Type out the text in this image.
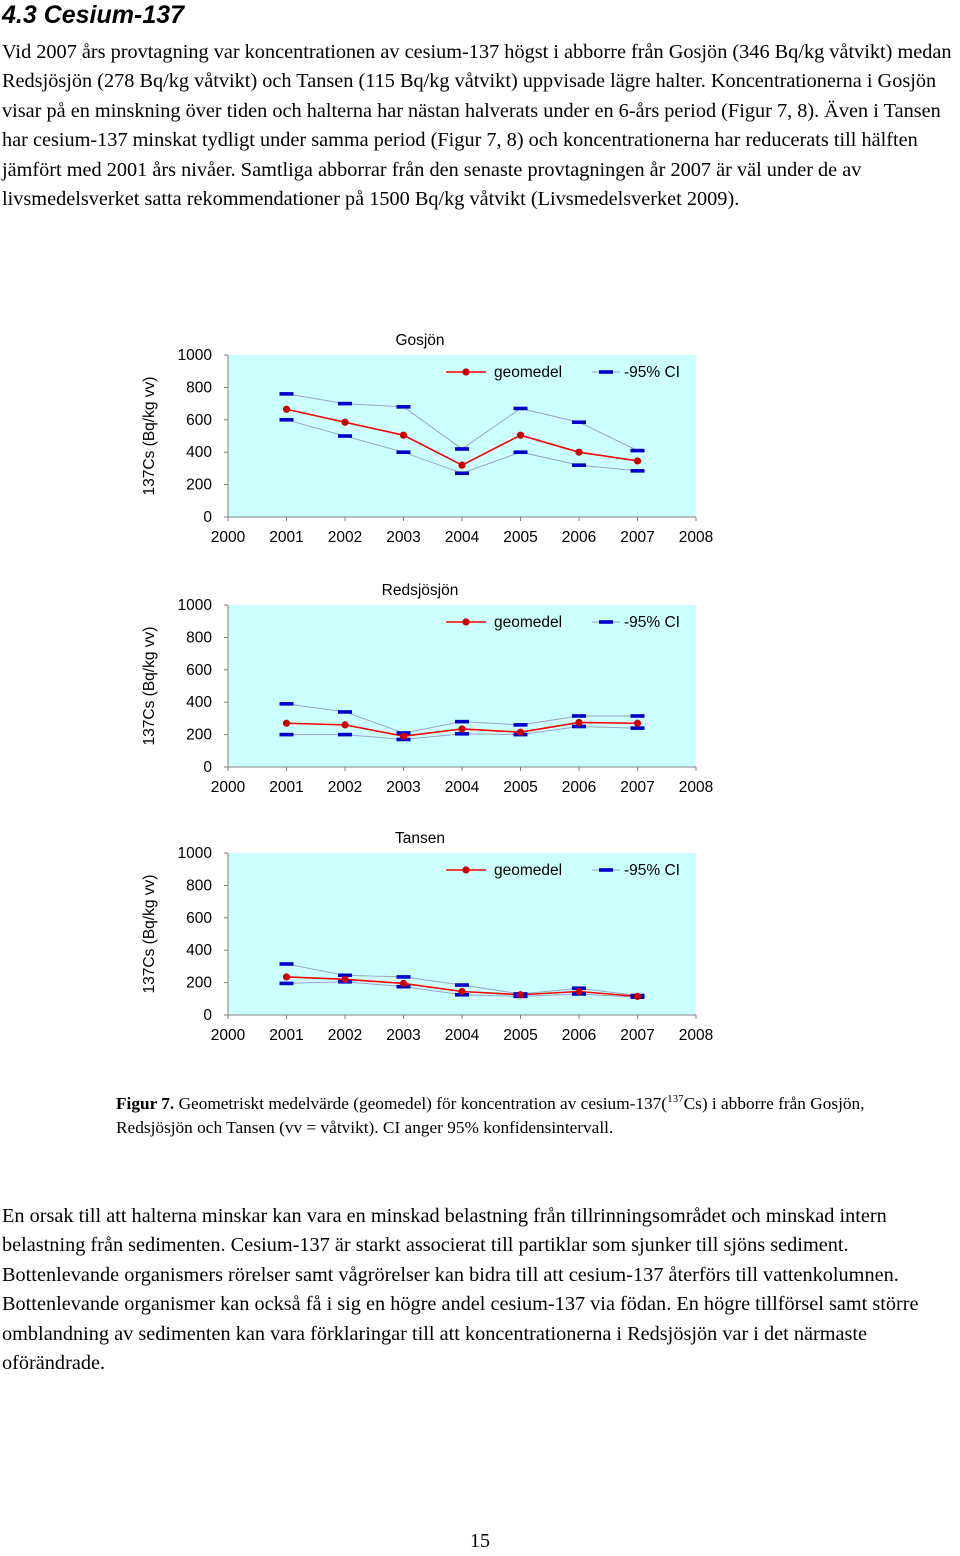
4.3 Cesium-137

Vid 2007 års provtagning var koncentrationen av cesium-137 högst i abborre från Gosjön (346 Bq/kg våtvikt) medan Redsjösjön (278 Bq/kg våtvikt) och Tansen (115 Bq/kg våtvikt) uppvisade lägre halter. Koncentrationerna i Gosjön visar på en minskning över tiden och halterna har nästan halverats under en 6-års period (Figur 7, 8). Även i Tansen har cesium-137 minskat tydligt under samma period (Figur 7, 8) och koncentrationerna har reducerats till hälften jämfört med 2001 års nivåer. Samtliga abborrar från den senaste provtagningen år 2007 är väl under de av livsmedelsverket satta rekommendationer på 1500 Bq/kg våtvikt (Livsmedelsverket 2009).

0
200
400
600
800
1000
2000 2001 2002 2003 2004 2005 2006 2007 2008
Gosjön
137Cs (Bq/kg vv)
geomedel	-95% CI
0
200
400
600
800
1000
2000 2001 2002 2003 2004 2005 2006 2007 2008
Redsjösjön
137Cs (Bq/kg vv)
geomedel	-95% CI
0
200
400
600
800
1000
2000 2001 2002 2003 2004 2005 2006 2007 2008
Tansen
137Cs (Bq/kg vv)
geomedel	-95% CI

Figur 7. Geometriskt medelvärde (geomedel) för koncentration av cesium-137($^{137}$Cs) i abborre från Gosjön, Redsjösjön och Tansen (vv = våtvikt). CI anger 95% konfidensintervall.

En orsak till att halterna minskar kan vara en minskad belastning från tillrinningsområdet och minskad intern belastning från sedimenten. Cesium-137 är starkt associerat till partiklar som sjunker till sjöns sediment. Bottenlevande organismers rörelser samt vågrörelser kan bidra till att cesium-137 återförs till vattenkolumnen. Bottenlevande organismer kan också få i sig en högre andel cesium-137 via födan. En högre tillförsel samt större omblandning av sedimenten kan vara förklaringar till att koncentrationerna i Redsjösjön var i det närmaste oförändrade.

15
